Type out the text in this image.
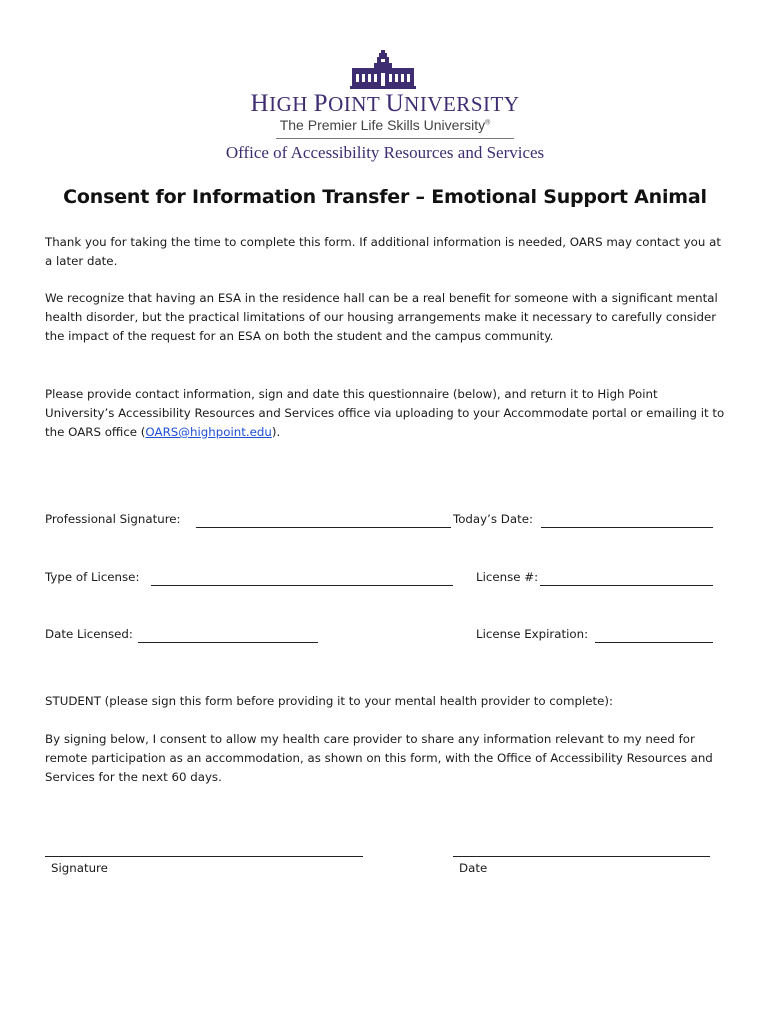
HIGH POINT UNIVERSITY
The Premier Life Skills University®
Office of Accessibility Resources and Services
Consent for Information Transfer – Emotional Support Animal
Thank you for taking the time to complete this form. If additional information is needed, OARS may contact you at a later date.
We recognize that having an ESA in the residence hall can be a real benefit for someone with a significant mental health disorder, but the practical limitations of our housing arrangements make it necessary to carefully consider the impact of the request for an ESA on both the student and the campus community.
Please provide contact information, sign and date this questionnaire (below), and return it to High Point University’s Accessibility Resources and Services office via uploading to your Accommodate portal or emailing it to the OARS office (OARS@highpoint.edu).
Professional Signature:	Today’s Date:
Type of License:	License #:
Date Licensed:	License Expiration:
STUDENT (please sign this form before providing it to your mental health provider to complete):
By signing below, I consent to allow my health care provider to share any information relevant to my need for remote participation as an accommodation, as shown on this form, with the Office of Accessibility Resources and Services for the next 60 days.
Signature	Date
